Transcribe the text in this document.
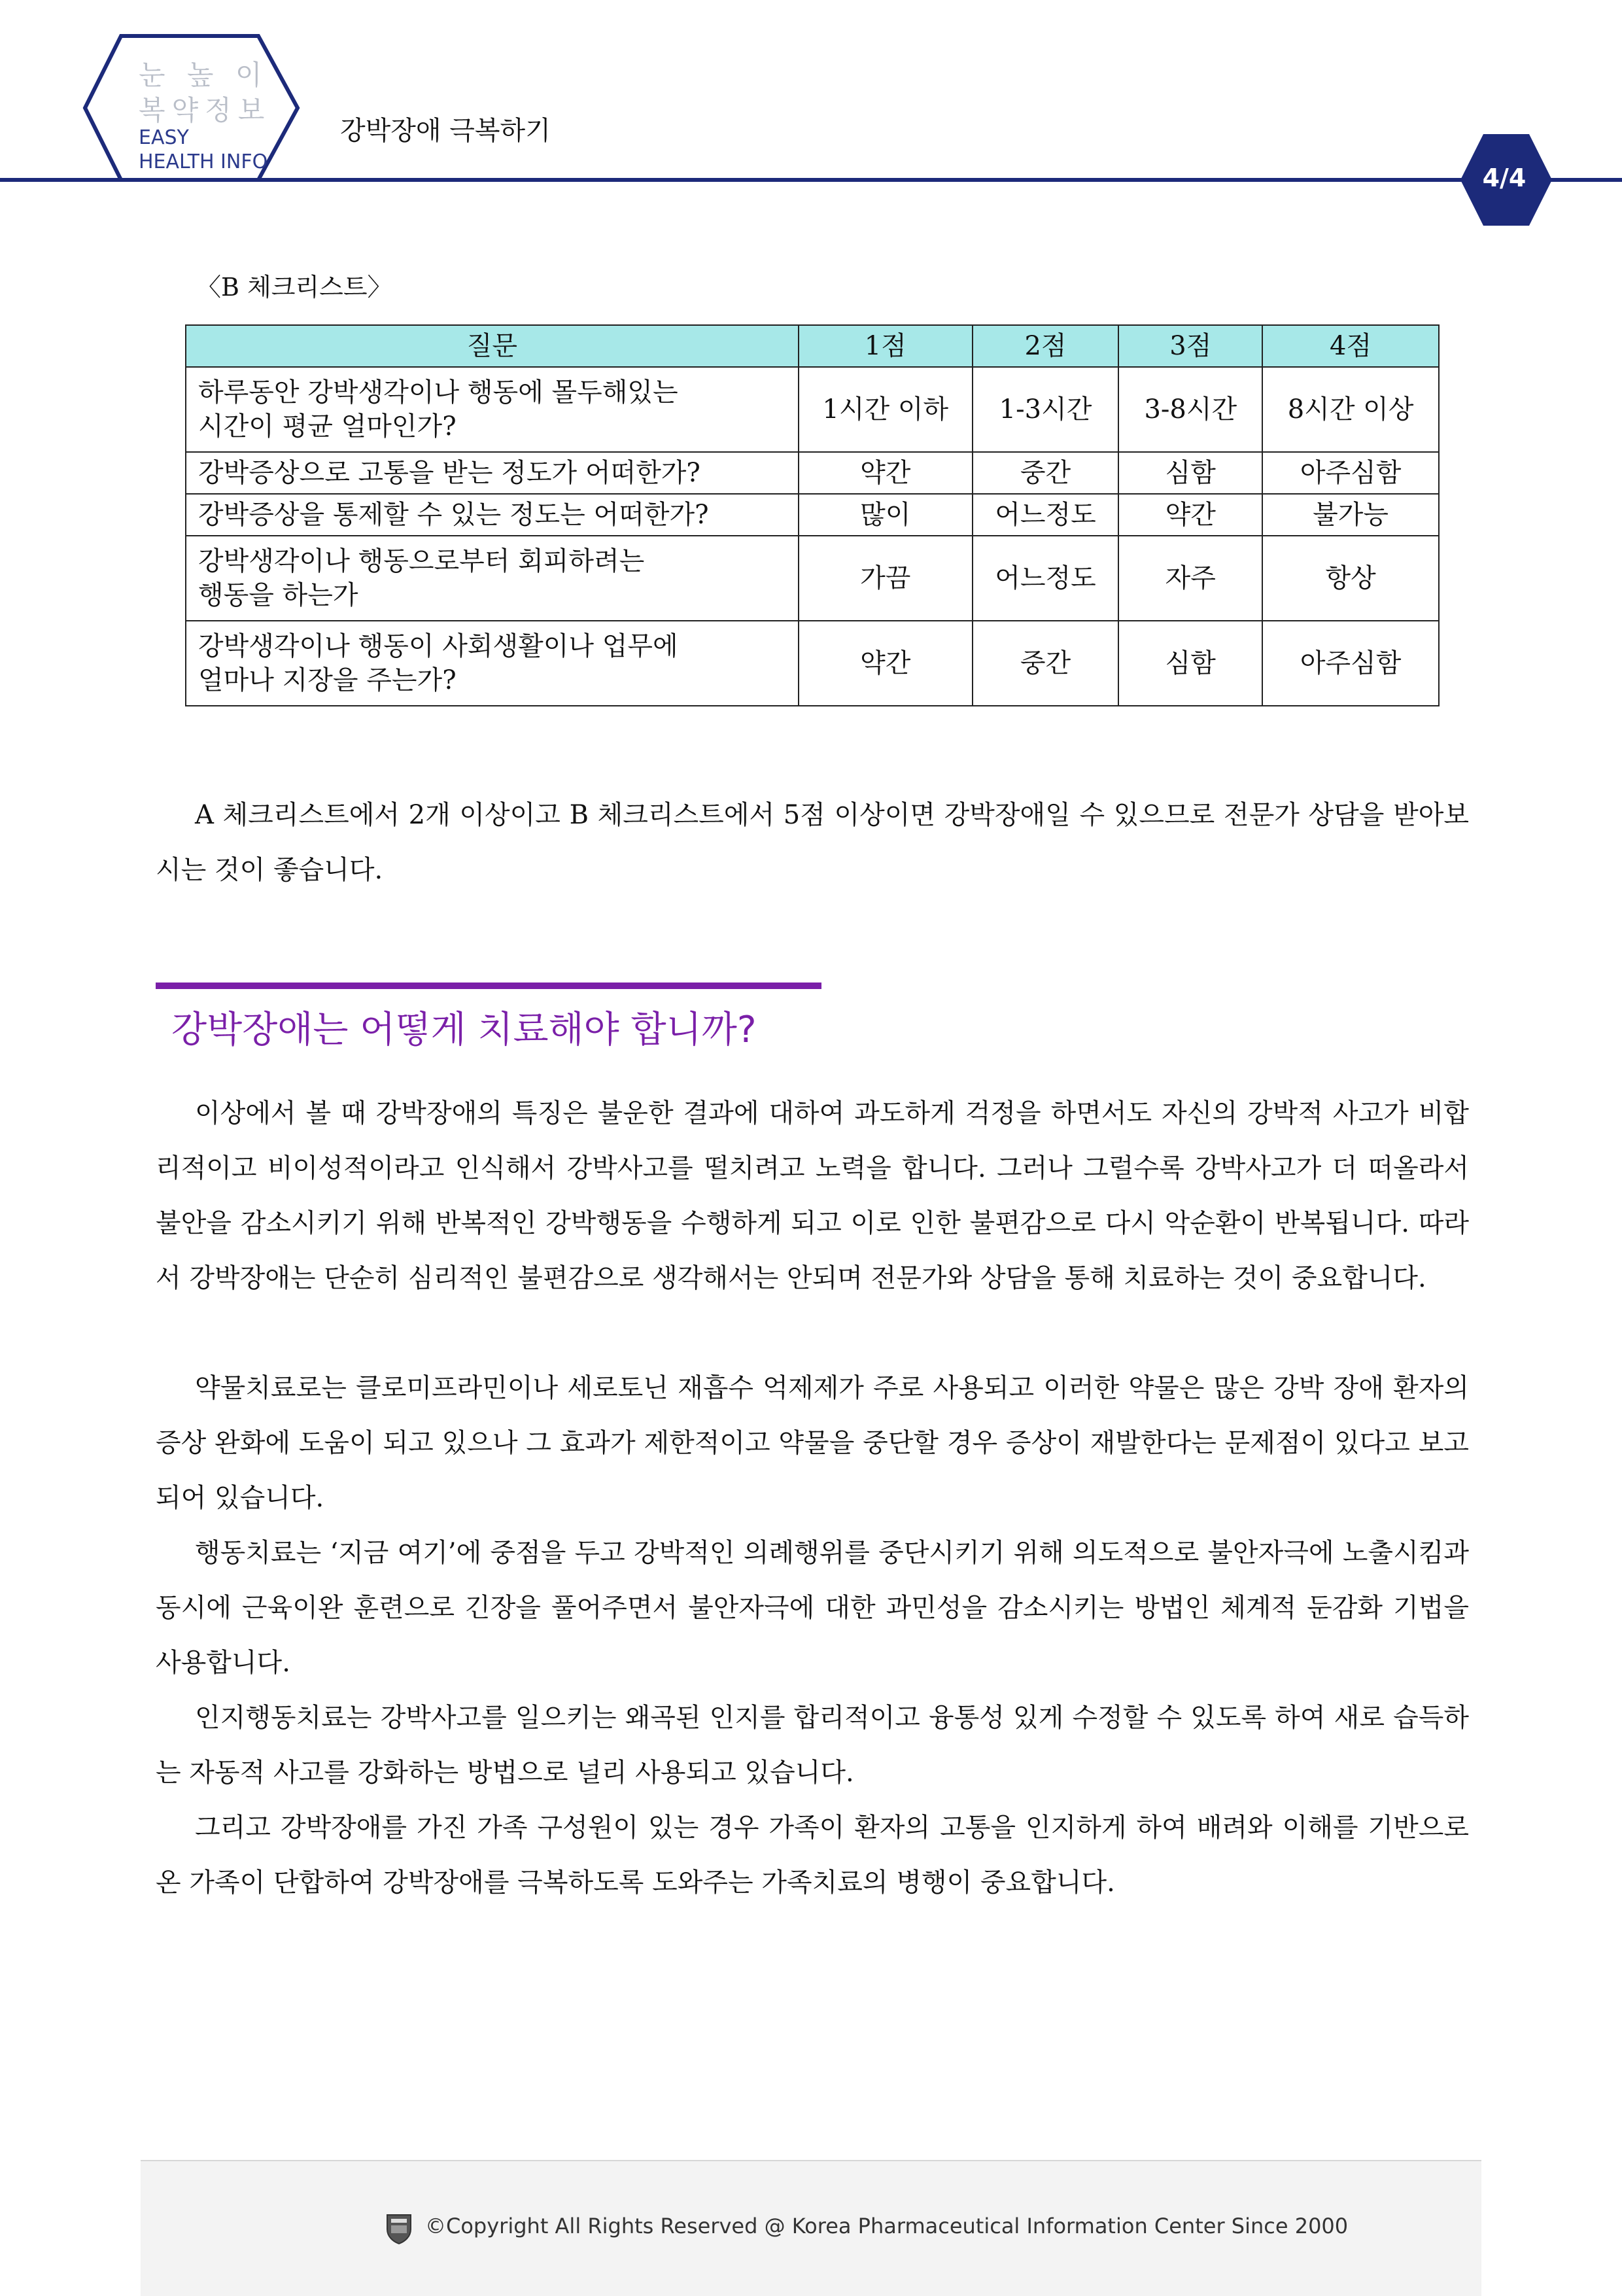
눈 높 이
복약정보
EASY
HEALTH INFO
강박장애 극복하기
4/4
〈B 체크리스트〉
질문	1점	2점	3점	4점
하루동안 강박생각이나 행동에 몰두해있는
시간이 평균 얼마인가?	1시간 이하	1-3시간	3-8시간	8시간 이상
강박증상으로 고통을 받는 정도가 어떠한가?	약간	중간	심함	아주심함
강박증상을 통제할 수 있는 정도는 어떠한가?	많이	어느정도	약간	불가능
강박생각이나 행동으로부터 회피하려는
행동을 하는가	가끔	어느정도	자주	항상
강박생각이나 행동이 사회생활이나 업무에
얼마나 지장을 주는가?	약간	중간	심함	아주심함

A 체크리스트에서 2개 이상이고 B 체크리스트에서 5점 이상이면 강박장애일 수 있으므로 전문가 상담을 받아보시는 것이 좋습니다.

강박장애는 어떻게 치료해야 합니까?

이상에서 볼 때 강박장애의 특징은 불운한 결과에 대하여 과도하게 걱정을 하면서도 자신의 강박적 사고가 비합리적이고 비이성적이라고 인식해서 강박사고를 떨치려고 노력을 합니다. 그러나 그럴수록 강박사고가 더 떠올라서 불안을 감소시키기 위해 반복적인 강박행동을 수행하게 되고 이로 인한 불편감으로 다시 악순환이 반복됩니다. 따라서 강박장애는 단순히 심리적인 불편감으로 생각해서는 안되며 전문가와 상담을 통해 치료하는 것이 중요합니다.

약물치료로는 클로미프라민이나 세로토닌 재흡수 억제제가 주로 사용되고 이러한 약물은 많은 강박 장애 환자의 증상 완화에 도움이 되고 있으나 그 효과가 제한적이고 약물을 중단할 경우 증상이 재발한다는 문제점이 있다고 보고되어 있습니다.

행동치료는 ‘지금 여기’에 중점을 두고 강박적인 의례행위를 중단시키기 위해 의도적으로 불안자극에 노출시킴과 동시에 근육이완 훈련으로 긴장을 풀어주면서 불안자극에 대한 과민성을 감소시키는 방법인 체계적 둔감화 기법을 사용합니다.

인지행동치료는 강박사고를 일으키는 왜곡된 인지를 합리적이고 융통성 있게 수정할 수 있도록 하여 새로 습득하는 자동적 사고를 강화하는 방법으로 널리 사용되고 있습니다.

그리고 강박장애를 가진 가족 구성원이 있는 경우 가족이 환자의 고통을 인지하게 하여 배려와 이해를 기반으로 온 가족이 단합하여 강박장애를 극복하도록 도와주는 가족치료의 병행이 중요합니다.

©Copyright All Rights Reserved @ Korea Pharmaceutical Information Center Since 2000
